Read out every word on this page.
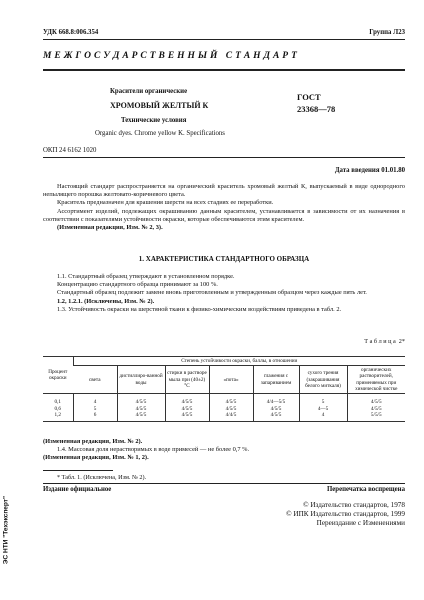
УДК 668.8:006.354	Группа Л23
М Е Ж Г О С У Д А Р С Т В Е Н Н Ы Й   С Т А Н Д А Р Т
Красители органические
ХРОМОВЫЙ ЖЕЛТЫЙ К
Технические условия
Organic dyes. Chrome yellow K. Specifications
ГОСТ
23368—78
ОКП 24 6162 1020
Дата введения 01.01.80

Настоящий стандарт распространяется на органический краситель хромовый желтый К, выпускаемый в виде однородного непылящего порошка желтовато-коричневого цвета.

Краситель предназначен для крашения шерсти на всех стадиях ее переработки.

Ассортимент изделий, подлежащих окрашиванию данным красителем, устанавливается в зависимости от их назначения в соответствии с показателями устойчивости окраски, которые обеспечиваются этим красителем.

(Измененная редакция, Изм. № 2, 3).

1. ХАРАКТЕРИСТИКА СТАНДАРТНОГО ОБРАЗЦА

1.1. Стандартный образец утверждают в установленном порядке.

Концентрацию стандартного образца принимают за 100 %.

Стандартный образец подлежит замене вновь приготовленным и утвержденным образцом через каждые пять лет.

1.2, 1.2.1. (Исключены, Изм. № 2).

1.3. Устойчивость окраски на шерстяной ткани к физико-химическим воздействиям приведена в табл. 2.

Т а б л и ц а  2*
Процент окраски	Степень устойчивости окраски, баллы, в отношении						
	света	дистиллиро-ванной воды	стирки в растворе мыла при (40±2) °С	«пота»	глажения с запариванием	сухого трения (закрашивания белого миткаля)	органических растворителей, применяемых при химической чистке
0,1	4	4/5/5	4/5/5	4/5/5	4/4—5/5	5	4/5/5
0,6	5	4/5/5	4/5/5	4/5/5	4/5/5	4—5	4/5/5
1,2	6	4/5/5	4/5/5	4/4/5	4/5/5	4	5/5/5

(Измененная редакция, Изм. № 2).

1.4. Массовая доля нерастворимых в воде примесей — не более 0,7 %.

(Измененная редакция, Изм. № 1, 2).

* Табл. 1. (Исключена, Изм. № 2).
Издание официальное	Перепечатка воспрещена
© Издательство стандартов, 1978
© ИПК Издательство стандартов, 1999
Переиздание с Изменениями
ЭС НТИ "Техэксперт"
